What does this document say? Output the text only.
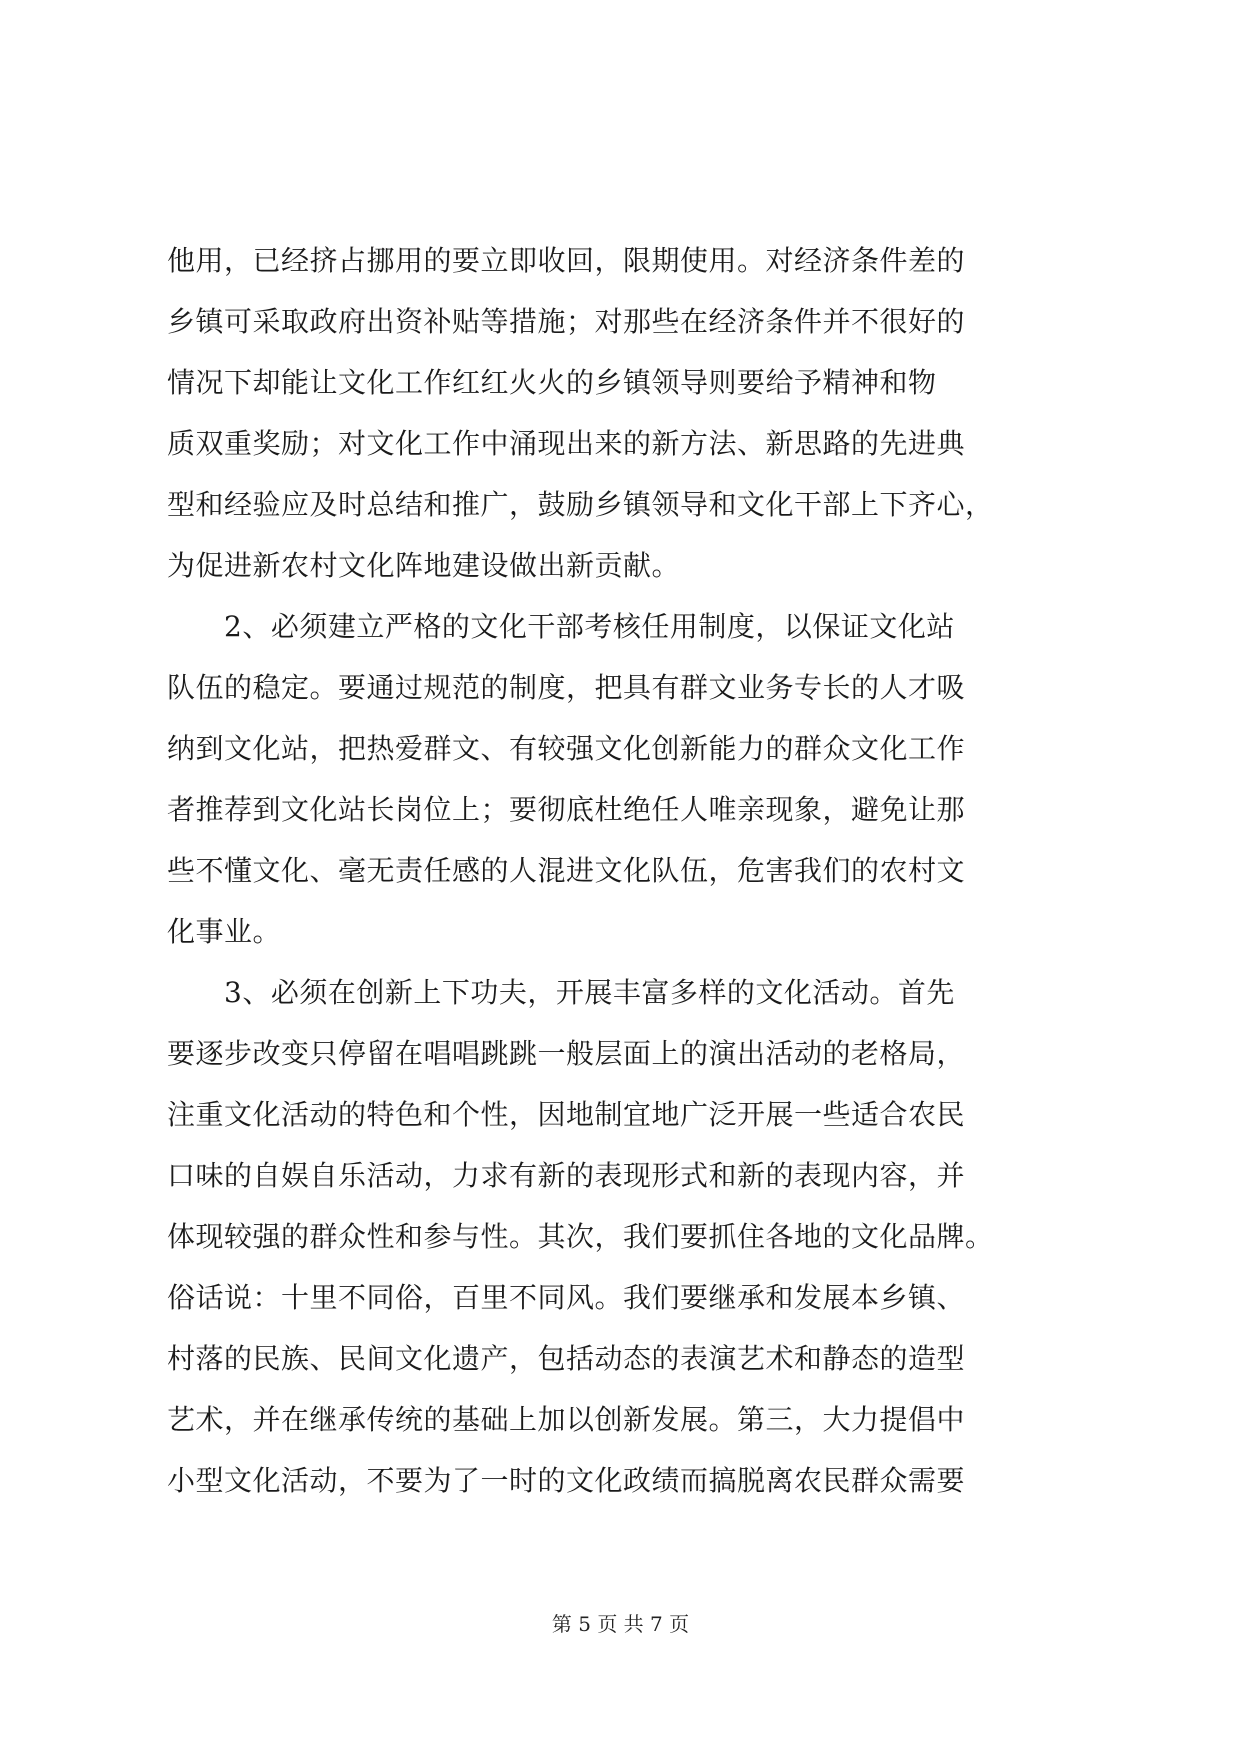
他用，已经挤占挪用的要立即收回，限期使用。对经济条件差的
乡镇可采取政府出资补贴等措施；对那些在经济条件并不很好的
情况下却能让文化工作红红火火的乡镇领导则要给予精神和物
质双重奖励；对文化工作中涌现出来的新方法、新思路的先进典
型和经验应及时总结和推广，鼓励乡镇领导和文化干部上下齐心，
为促进新农村文化阵地建设做出新贡献。
　　2、必须建立严格的文化干部考核任用制度，以保证文化站
队伍的稳定。要通过规范的制度，把具有群文业务专长的人才吸
纳到文化站，把热爱群文、有较强文化创新能力的群众文化工作
者推荐到文化站长岗位上；要彻底杜绝任人唯亲现象，避免让那
些不懂文化、毫无责任感的人混进文化队伍，危害我们的农村文
化事业。
　　3、必须在创新上下功夫，开展丰富多样的文化活动。首先
要逐步改变只停留在唱唱跳跳一般层面上的演出活动的老格局，
注重文化活动的特色和个性，因地制宜地广泛开展一些适合农民
口味的自娱自乐活动，力求有新的表现形式和新的表现内容，并
体现较强的群众性和参与性。其次，我们要抓住各地的文化品牌。
俗话说：十里不同俗，百里不同风。我们要继承和发展本乡镇、
村落的民族、民间文化遗产，包括动态的表演艺术和静态的造型
艺术，并在继承传统的基础上加以创新发展。第三，大力提倡中
小型文化活动，不要为了一时的文化政绩而搞脱离农民群众需要
第 5 页 共 7 页
